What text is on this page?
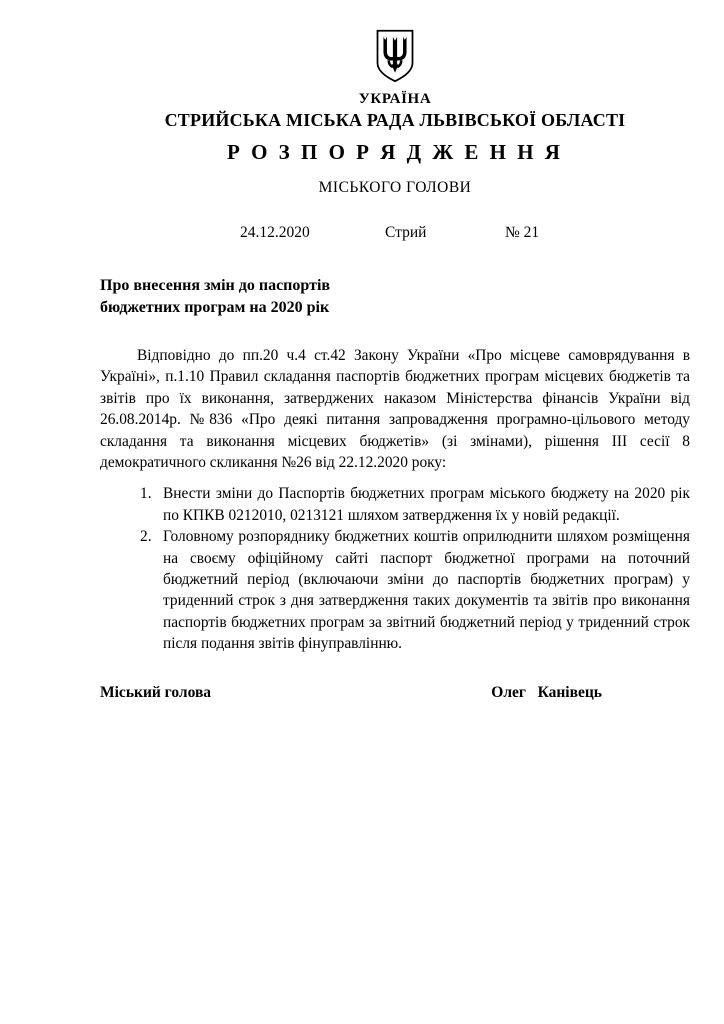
УКРАЇНА
СТРИЙСЬКА МІСЬКА РАДА ЛЬВІВСЬКОЇ ОБЛАСТІ
Р О З П О Р Я Д Ж Е Н Н Я
МІСЬКОГО ГОЛОВИ
24.12.2020	Стрий	№ 21
Про внесення змін до паспортів
бюджетних програм на 2020 рік

Відповідно до пп.20 ч.4 ст.42 Закону України «Про місцеве самоврядування в Україні», п.1.10 Правил складання паспортів бюджетних програм місцевих бюджетів та звітів про їх виконання, затверджених наказом Міністерства фінансів України від 26.08.2014р. №836 «Про деякі питання запровадження програмно-цільового методу складання та виконання місцевих бюджетів» (зі змінами), рішення III сесії 8 демократичного скликання №26 від 22.12.2020 року:

1. Внести зміни до Паспортів бюджетних програм міського бюджету на 2020 рік по КПКВ 0212010, 0213121 шляхом затвердження їх у новій редакції.
2. Головному розпоряднику бюджетних коштів оприлюднити шляхом розміщення на своєму офіційному сайті паспорт бюджетної програми на поточний бюджетний період (включаючи зміни до паспортів бюджетних програм) у триденний строк з дня затвердження таких документів та звітів про виконання паспортів бюджетних програм за звітний бюджетний період у триденний строк після подання звітів фінуправлінню.
Міський голова	Олег   Канівець
